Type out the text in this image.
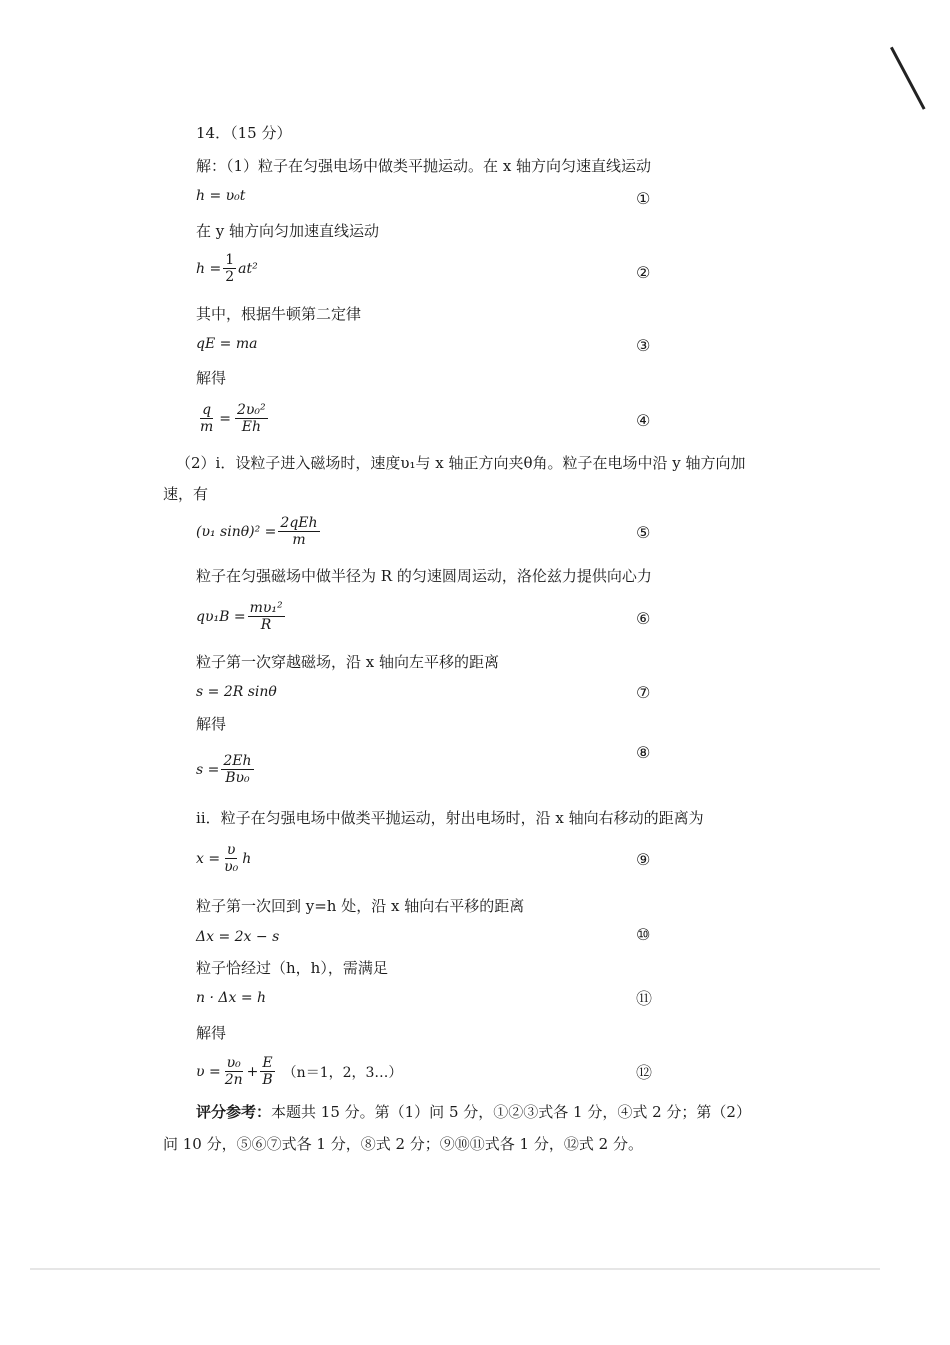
14．（15 分）
解：（1）粒子在匀强电场中做类平抛运动。在 x 轴方向匀速直线运动
h = υ₀t	①
在 y 轴方向匀加速直线运动
$h = \frac{1}{2} at^2$	②
其中，根据牛顿第二定律
qE = ma	③
解得
$\frac{q}{m} = \frac{\text{2υ₀²}}{Eh}$	④
（2）ⅰ．设粒子进入磁场时，速度υ₁与 x 轴正方向夹θ角。粒子在电场中沿 y 轴方向加
速，有
(υ₁ $\sin\theta)^2 = \frac{\text{2qEh}}{m}$	⑤
粒子在匀强磁场中做半径为 R 的匀速圆周运动，洛伦兹力提供向心力
$q\upsilon_1B = \frac{\text{mυ₁²}}{R}$	⑥
粒子第一次穿越磁场，沿 x 轴向左平移的距离
s = 2R sinθ	⑦
解得
⑧
$s = \frac{2Eh}{\text{Bυ₀}}$
ⅱ．粒子在匀强电场中做类平抛运动，射出电场时，沿 x 轴向右移动的距离为
$x = \frac{\upsilon}{\text{υ₀}}$ h	⑨
粒子第一次回到 y=h 处，沿 x 轴向右平移的距离
Δx = 2x − s	⑩
粒子恰经过（h，h），需满足
n · Δx = h	⑪
解得
$\upsilon = \frac{\text{υ₀}}{2n} + \frac{E}{B} (n=1$，2，3…）	⑫
评分参考：本题共 15 分。第（1）问 5 分，①②③式各 1 分，④式 2 分；第（2）
问 10 分，⑤⑥⑦式各 1 分，⑧式 2 分；⑨⑩⑪式各 1 分，⑫式 2 分。
